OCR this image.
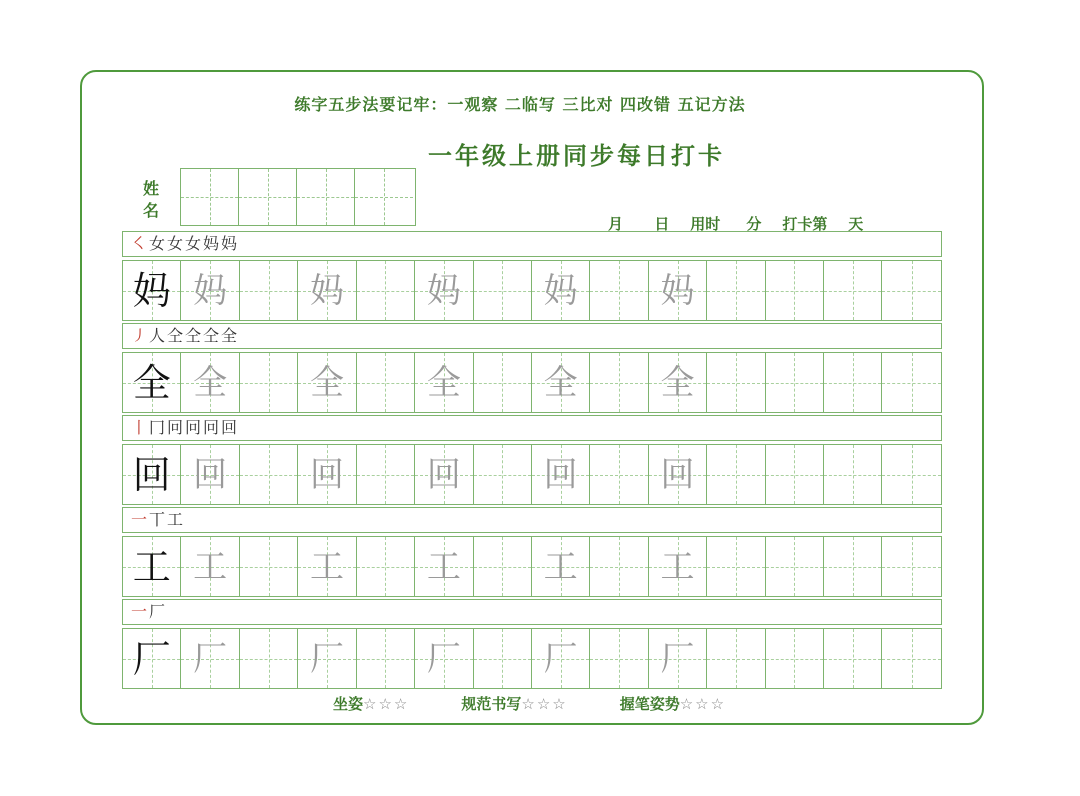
练字五步法要记牢：一观察 二临写 三比对 四改错 五记方法
一年级上册同步每日打卡
姓
名
月
日
用时
分
打卡第
天
㇛女女女妈妈
妈 妈 妈 妈 妈 妈
㇓人仝仝仝全
全 全 全 全 全 全
丨冂冋冋冋回
回 回 回 回 回 回
一丅工
工 工 工 工 工 工
一厂
厂 厂 厂 厂 厂 厂
坐姿☆☆☆	规范书写☆☆☆	握笔姿势☆☆☆
